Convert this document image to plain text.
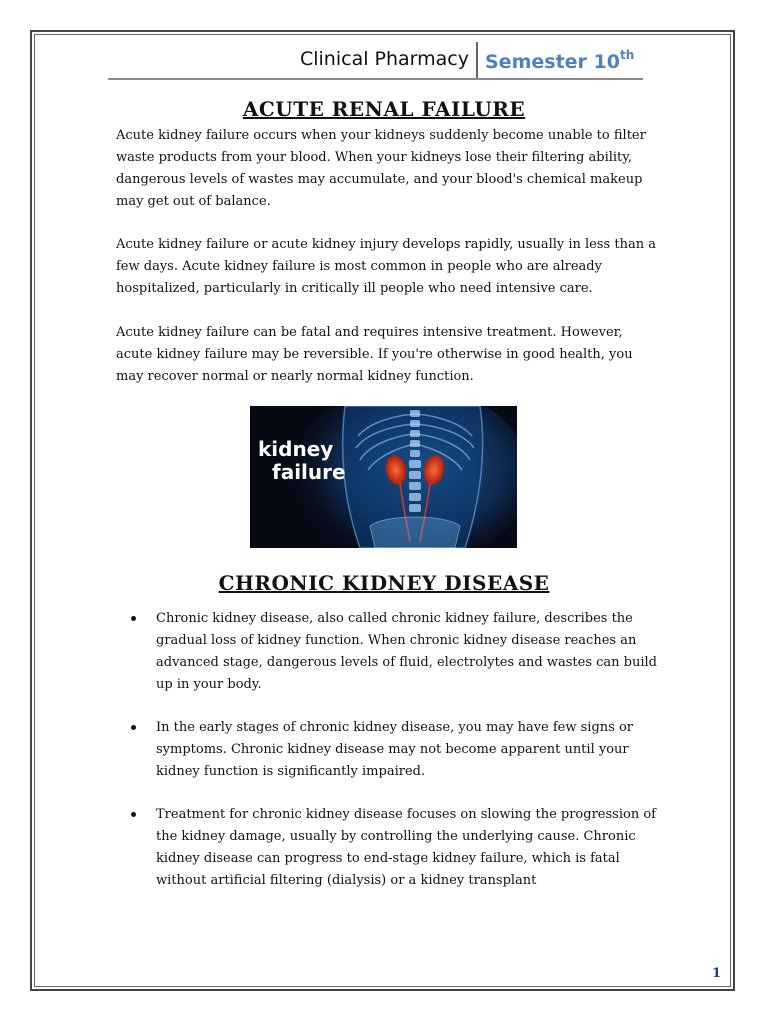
Clinical Pharmacy Semester 10th
ACUTE RENAL FAILURE

Acute kidney failure occurs when your kidneys suddenly become unable to filter waste products from your blood. When your kidneys lose their filtering ability, dangerous levels of wastes may accumulate, and your blood's chemical makeup may get out of balance.

Acute kidney failure or acute kidney injury develops rapidly, usually in less than a few days. Acute kidney failure is most common in people who are already hospitalized, particularly in critically ill people who need intensive care.

Acute kidney failure can be fatal and requires intensive treatment. However, acute kidney failure may be reversible. If you're otherwise in good health, you may recover normal or nearly normal kidney function.

kidney
failure
CHRONIC KIDNEY DISEASE
Chronic kidney disease, also called chronic kidney failure, describes the gradual loss of kidney function. When chronic kidney disease reaches an advanced stage, dangerous levels of fluid, electrolytes and wastes can build up in your body.
In the early stages of chronic kidney disease, you may have few signs or symptoms. Chronic kidney disease may not become apparent until your kidney function is significantly impaired.
Treatment for chronic kidney disease focuses on slowing the progression of the kidney damage, usually by controlling the underlying cause. Chronic kidney disease can progress to end-stage kidney failure, which is fatal without artificial filtering (dialysis) or a kidney transplant
1
